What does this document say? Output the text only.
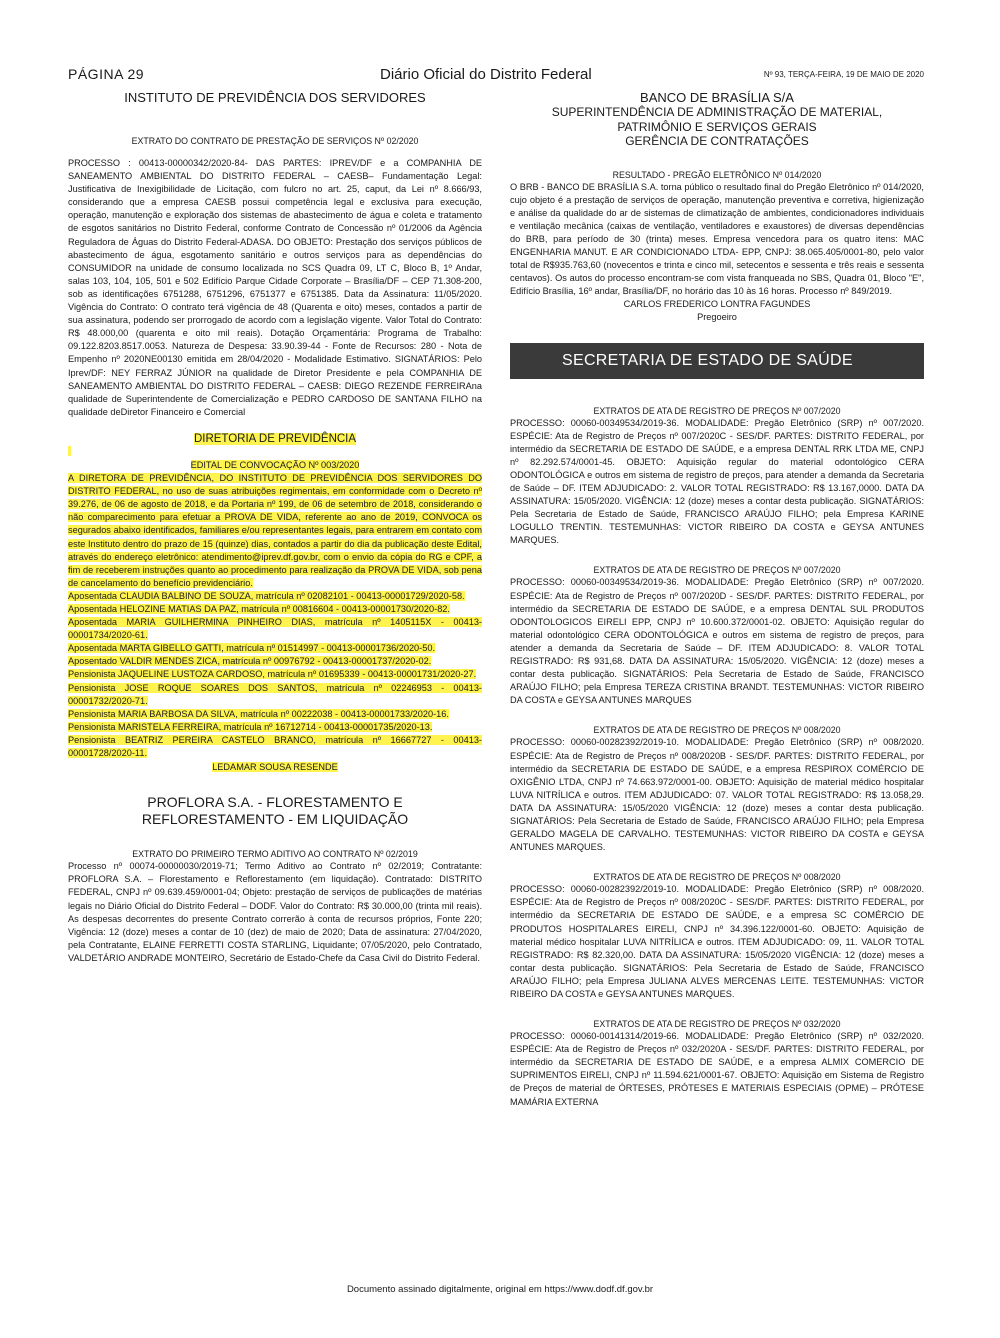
PÁGINA 29	Diário Oficial do Distrito Federal	Nº 93, TERÇA-FEIRA, 19 DE MAIO DE 2020
INSTITUTO DE PREVIDÊNCIA DOS SERVIDORES
EXTRATO DO CONTRATO DE PRESTAÇÃO DE SERVIÇOS Nº 02/2020

PROCESSO : 00413-00000342/2020-84- DAS PARTES: IPREV/DF e a COMPANHIA DE SANEAMENTO AMBIENTAL DO DISTRITO FEDERAL – CAESB– Fundamentação Legal: Justificativa de Inexigibilidade de Licitação, com fulcro no art. 25, caput, da Lei nº 8.666/93, considerando que a empresa CAESB possui competência legal e exclusiva para execução, operação, manutenção e exploração dos sistemas de abastecimento de água e coleta e tratamento de esgotos sanitários no Distrito Federal, conforme Contrato de Concessão nº 01/2006 da Agência Reguladora de Águas do Distrito Federal-ADASA. DO OBJETO: Prestação dos serviços públicos de abastecimento de água, esgotamento sanitário e outros serviços para as dependências do CONSUMIDOR na unidade de consumo localizada no SCS Quadra 09, LT C, Bloco B, 1º Andar, salas 103, 104, 105, 501 e 502 Edifício Parque Cidade Corporate – Brasília/DF – CEP 71.308-200, sob as identificações 6751288, 6751296, 6751377 e 6751385. Data da Assinatura: 11/05/2020. Vigência do Contrato: O contrato terá vigência de 48 (Quarenta e oito) meses, contados a partir de sua assinatura, podendo ser prorrogado de acordo com a legislação vigente. Valor Total do Contrato: R$ 48.000,00 (quarenta e oito mil reais). Dotação Orçamentária: Programa de Trabalho: 09.122.8203.8517.0053. Natureza de Despesa: 33.90.39-44 - Fonte de Recursos: 280 - Nota de Empenho nº 2020NE00130 emitida em 28/04/2020 - Modalidade Estimativo. SIGNATÁRIOS: Pelo Iprev/DF: NEY FERRAZ JÚNIOR na qualidade de Diretor Presidente e pela COMPANHIA DE SANEAMENTO AMBIENTAL DO DISTRITO FEDERAL – CAESB: DIEGO REZENDE FERREIRAna qualidade de Superintendente de Comercialização e PEDRO CARDOSO DE SANTANA FILHO na qualidade deDiretor Financeiro e Comercial

DIRETORIA DE PREVIDÊNCIA
EDITAL DE CONVOCAÇÃO Nº 003/2020

A DIRETORA DE PREVIDÊNCIA, DO INSTITUTO DE PREVIDÊNCIA DOS SERVIDORES DO DISTRITO FEDERAL, no uso de suas atribuições regimentais, em conformidade com o Decreto nº 39.276, de 06 de agosto de 2018, e da Portaria nº 199, de 06 de setembro de 2018, considerando o não comparecimento para efetuar a PROVA DE VIDA, referente ao ano de 2019, CONVOCA os segurados abaixo identificados, familiares e/ou representantes legais, para entrarem em contato com este Instituto dentro do prazo de 15 (quinze) dias, contados a partir do dia da publicação deste Edital, através do endereço eletrônico: atendimento@iprev.df.gov.br, com o envio da cópia do RG e CPF, a fim de receberem instruções quanto ao procedimento para realização da PROVA DE VIDA, sob pena de cancelamento do benefício previdenciário.

Aposentada CLAUDIA BALBINO DE SOUZA, matrícula nº 02082101 - 00413-00001729/2020-58.

Aposentada HELOZINE MATIAS DA PAZ, matrícula nº 00816604 - 00413-00001730/2020-82.

Aposentada MARIA GUILHERMINA PINHEIRO DIAS, matrícula nº 1405115X - 00413-00001734/2020-61.

Aposentada MARTA GIBELLO GATTI, matrícula nº 01514997 - 00413-00001736/2020-50.

Aposentado VALDIR MENDES ZICA, matrícula nº 00976792 - 00413-00001737/2020-02.

Pensionista JAQUELINE LUSTOZA CARDOSO, matrícula nº 01695339 - 00413-00001731/2020-27.

Pensionista JOSE ROQUE SOARES DOS SANTOS, matrícula nº 02246953 - 00413-00001732/2020-71.

Pensionista MARIA BARBOSA DA SILVA, matrícula nº 00222038 - 00413-00001733/2020-16.

Pensionista MARISTELA FERREIRA, matrícula nº 16712714 - 00413-00001735/2020-13.

Pensionista BEATRIZ PEREIRA CASTELO BRANCO, matrícula nº 16667727 - 00413-00001728/2020-11.

LEDAMAR SOUSA RESENDE
PROFLORA S.A. - FLORESTAMENTO E REFLORESTAMENTO - EM LIQUIDAÇÃO
EXTRATO DO PRIMEIRO TERMO ADITIVO AO CONTRATO Nº 02/2019

Processo nº 00074-00000030/2019-71; Termo Aditivo ao Contrato nº 02/2019; Contratante: PROFLORA S.A. – Florestamento e Reflorestamento (em liquidação). Contratado: DISTRITO FEDERAL, CNPJ nº 09.639.459/0001-04; Objeto: prestação de serviços de publicações de matérias legais no Diário Oficial do Distrito Federal – DODF. Valor do Contrato: R$ 30.000,00 (trinta mil reais). As despesas decorrentes do presente Contrato correrão à conta de recursos próprios, Fonte 220; Vigência: 12 (doze) meses a contar de 10 (dez) de maio de 2020; Data de assinatura: 27/04/2020, pela Contratante, ELAINE FERRETTI COSTA STARLING, Liquidante; 07/05/2020, pelo Contratado, VALDETÁRIO ANDRADE MONTEIRO, Secretário de Estado-Chefe da Casa Civil do Distrito Federal.

BANCO DE BRASÍLIA S/A
SUPERINTENDÊNCIA DE ADMINISTRAÇÃO DE MATERIAL, PATRIMÔNIO E SERVIÇOS GERAIS
GERÊNCIA DE CONTRATAÇÕES
RESULTADO - PREGÃO ELETRÔNICO Nº 014/2020

O BRB - BANCO DE BRASÍLIA S.A. torna público o resultado final do Pregão Eletrônico nº 014/2020, cujo objeto é a prestação de serviços de operação, manutenção preventiva e corretiva, higienização e análise da qualidade do ar de sistemas de climatização de ambientes, condicionadores individuais e ventilação mecânica (caixas de ventilação, ventiladores e exaustores) de diversas dependências do BRB, para período de 30 (trinta) meses. Empresa vencedora para os quatro itens: MAC ENGENHARIA MANUT. E AR CONDICIONADO LTDA- EPP, CNPJ: 38.065.405/0001-80, pelo valor total de R$935.763,60 (novecentos e trinta e cinco mil, setecentos e sessenta e três reais e sessenta centavos). Os autos do processo encontram-se com vista franqueada no SBS, Quadra 01, Bloco "E", Edifício Brasília, 16º andar, Brasília/DF, no horário das 10 às 16 horas. Processo nº 849/2019.

CARLOS FREDERICO LONTRA FAGUNDES
Pregoeiro
SECRETARIA DE ESTADO DE SAÚDE
EXTRATOS DE ATA DE REGISTRO DE PREÇOS Nº 007/2020

PROCESSO: 00060-00349534/2019-36. MODALIDADE: Pregão Eletrônico (SRP) nº 007/2020. ESPÉCIE: Ata de Registro de Preços nº 007/2020C - SES/DF. PARTES: DISTRITO FEDERAL, por intermédio da SECRETARIA DE ESTADO DE SAÚDE, e a empresa DENTAL RRK LTDA ME, CNPJ nº 82.292.574/0001-45. OBJETO: Aquisição regular do material odontológico CERA ODONTOLÓGICA e outros em sistema de registro de preços, para atender a demanda da Secretaria de Saúde – DF. ITEM ADJUDICADO: 2. VALOR TOTAL REGISTRADO: R$ 13.167,0000. DATA DA ASSINATURA: 15/05/2020. VIGÊNCIA: 12 (doze) meses a contar desta publicação. SIGNATÁRIOS: Pela Secretaria de Estado de Saúde, FRANCISCO ARAÚJO FILHO; pela Empresa KARINE LOGULLO TRENTIN. TESTEMUNHAS: VICTOR RIBEIRO DA COSTA e GEYSA ANTUNES MARQUES.

EXTRATOS DE ATA DE REGISTRO DE PREÇOS Nº 007/2020

PROCESSO: 00060-00349534/2019-36. MODALIDADE: Pregão Eletrônico (SRP) nº 007/2020. ESPÉCIE: Ata de Registro de Preços nº 007/2020D - SES/DF. PARTES: DISTRITO FEDERAL, por intermédio da SECRETARIA DE ESTADO DE SAÚDE, e a empresa DENTAL SUL PRODUTOS ODONTOLOGICOS EIRELI EPP, CNPJ nº 10.600.372/0001-02. OBJETO: Aquisição regular do material odontológico CERA ODONTOLÓGICA e outros em sistema de registro de preços, para atender a demanda da Secretaria de Saúde – DF. ITEM ADJUDICADO: 8. VALOR TOTAL REGISTRADO: R$ 931,68. DATA DA ASSINATURA: 15/05/2020. VIGÊNCIA: 12 (doze) meses a contar desta publicação. SIGNATÁRIOS: Pela Secretaria de Estado de Saúde, FRANCISCO ARAÚJO FILHO; pela Empresa TEREZA CRISTINA BRANDT. TESTEMUNHAS: VICTOR RIBEIRO DA COSTA e GEYSA ANTUNES MARQUES

EXTRATOS DE ATA DE REGISTRO DE PREÇOS Nº 008/2020

PROCESSO: 00060-00282392/2019-10. MODALIDADE: Pregão Eletrônico (SRP) nº 008/2020. ESPÉCIE: Ata de Registro de Preços nº 008/2020B - SES/DF. PARTES: DISTRITO FEDERAL, por intermédio da SECRETARIA DE ESTADO DE SAÚDE, e a empresa RESPIROX COMÉRCIO DE OXIGÊNIO LTDA, CNPJ nº 74.663.972/0001-00. OBJETO: Aquisição de material médico hospitalar LUVA NITRÍLICA e outros. ITEM ADJUDICADO: 07. VALOR TOTAL REGISTRADO: R$ 13.058,29. DATA DA ASSINATURA: 15/05/2020 VIGÊNCIA: 12 (doze) meses a contar desta publicação. SIGNATÁRIOS: Pela Secretaria de Estado de Saúde, FRANCISCO ARAÚJO FILHO; pela Empresa GERALDO MAGELA DE CARVALHO. TESTEMUNHAS: VICTOR RIBEIRO DA COSTA e GEYSA ANTUNES MARQUES.

EXTRATOS DE ATA DE REGISTRO DE PREÇOS Nº 008/2020

PROCESSO: 00060-00282392/2019-10. MODALIDADE: Pregão Eletrônico (SRP) nº 008/2020. ESPÉCIE: Ata de Registro de Preços nº 008/2020C - SES/DF. PARTES: DISTRITO FEDERAL, por intermédio da SECRETARIA DE ESTADO DE SAÚDE, e a empresa SC COMÉRCIO DE PRODUTOS HOSPITALARES EIRELI, CNPJ nº 34.396.122/0001-60. OBJETO: Aquisição de material médico hospitalar LUVA NITRÍLICA e outros. ITEM ADJUDICADO: 09, 11. VALOR TOTAL REGISTRADO: R$ 82.320,00. DATA DA ASSINATURA: 15/05/2020 VIGÊNCIA: 12 (doze) meses a contar desta publicação. SIGNATÁRIOS: Pela Secretaria de Estado de Saúde, FRANCISCO ARAÚJO FILHO; pela Empresa JULIANA ALVES MERCENAS LEITE. TESTEMUNHAS: VICTOR RIBEIRO DA COSTA e GEYSA ANTUNES MARQUES.

EXTRATOS DE ATA DE REGISTRO DE PREÇOS Nº 032/2020

PROCESSO: 00060-00141314/2019-66. MODALIDADE: Pregão Eletrônico (SRP) nº 032/2020. ESPÉCIE: Ata de Registro de Preços nº 032/2020A - SES/DF. PARTES: DISTRITO FEDERAL, por intermédio da SECRETARIA DE ESTADO DE SAÚDE, e a empresa ALMIX COMERCIO DE SUPRIMENTOS EIRELI, CNPJ nº 11.594.621/0001-67. OBJETO: Aquisição em Sistema de Registro de Preços de material de ÓRTESES, PRÓTESES E MATERIAIS ESPECIAIS (OPME) – PRÓTESE MAMÁRIA EXTERNA

Documento assinado digitalmente, original em https://www.dodf.df.gov.br
